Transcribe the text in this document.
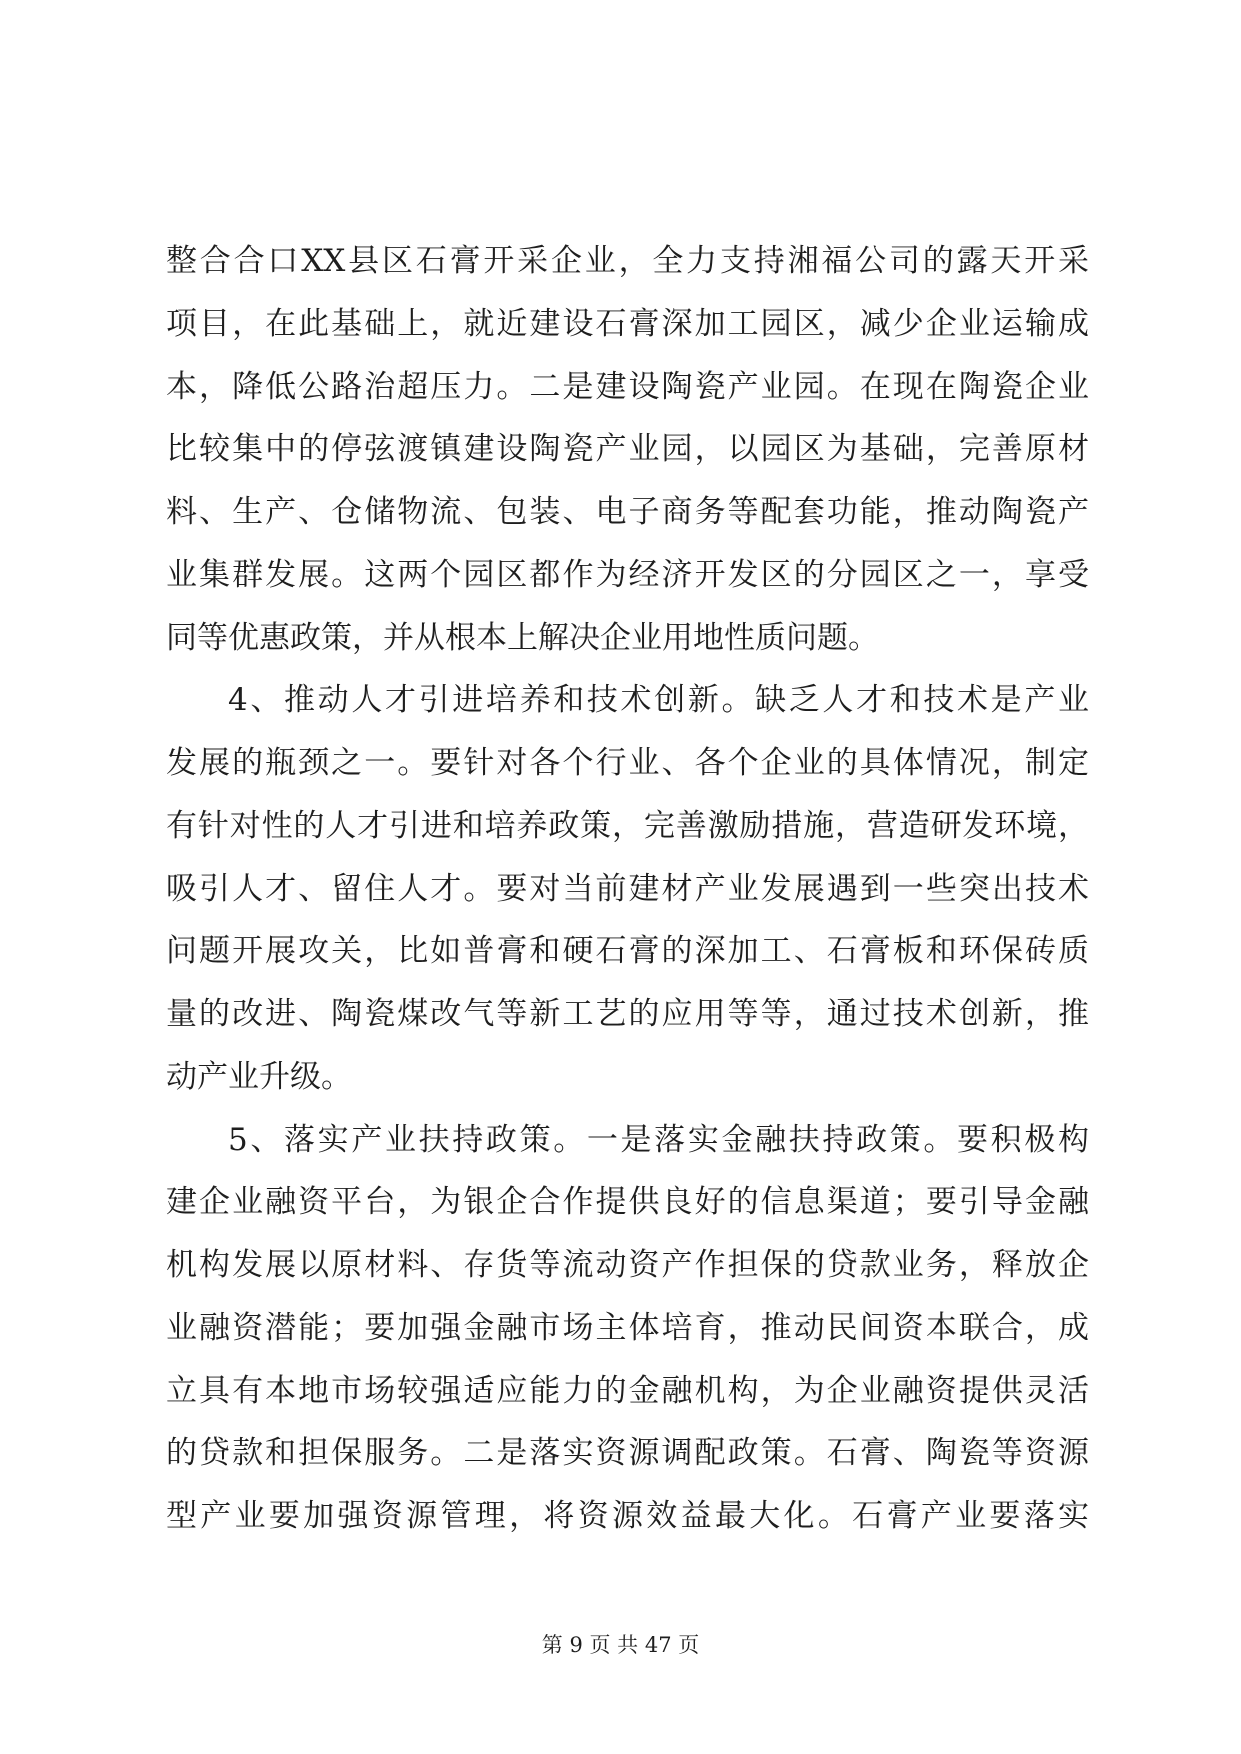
整合合口XX县区石膏开采企业，全力支持湘福公司的露天开采
项目，在此基础上，就近建设石膏深加工园区，减少企业运输成
本，降低公路治超压力。二是建设陶瓷产业园。在现在陶瓷企业
比较集中的停弦渡镇建设陶瓷产业园，以园区为基础，完善原材
料、生产、仓储物流、包装、电子商务等配套功能，推动陶瓷产
业集群发展。这两个园区都作为经济开发区的分园区之一，享受
同等优惠政策，并从根本上解决企业用地性质问题。
4、推动人才引进培养和技术创新。缺乏人才和技术是产业
发展的瓶颈之一。要针对各个行业、各个企业的具体情况，制定
有针对性的人才引进和培养政策，完善激励措施，营造研发环境，
吸引人才、留住人才。要对当前建材产业发展遇到一些突出技术
问题开展攻关，比如普膏和硬石膏的深加工、石膏板和环保砖质
量的改进、陶瓷煤改气等新工艺的应用等等，通过技术创新，推
动产业升级。
5、落实产业扶持政策。一是落实金融扶持政策。要积极构
建企业融资平台，为银企合作提供良好的信息渠道；要引导金融
机构发展以原材料、存货等流动资产作担保的贷款业务，释放企
业融资潜能；要加强金融市场主体培育，推动民间资本联合，成
立具有本地市场较强适应能力的金融机构，为企业融资提供灵活
的贷款和担保服务。二是落实资源调配政策。石膏、陶瓷等资源
型产业要加强资源管理，将资源效益最大化。石膏产业要落实
第 9 页 共 47 页
